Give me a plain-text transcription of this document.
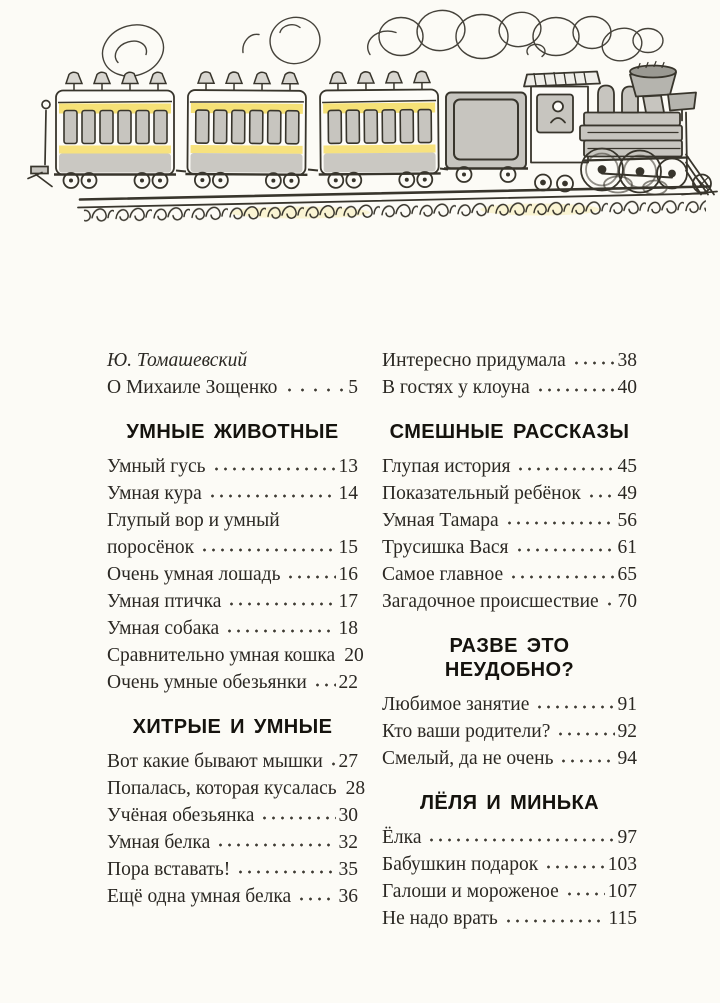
Ю. Томашевский
О Михаиле Зощенко	5
УМНЫЕ ЖИВОТНЫЕ
Умный гусь	13
Умная кура	14
Глупый вор и умный
поросёнок	15
Очень умная лошадь	16
Умная птичка	17
Умная собака	18
Сравнительно умная кошка 20
Очень умные обезьянки 22
ХИТРЫЕ И УМНЫЕ
Вот какие бывают мышки 27
Попалась, которая кусалась 28
Учёная обезьянка	30
Умная белка	32
Пора вставать!	35
Ещё одна умная белка 36
Интересно придумала	38
В гостях у клоуна	40
СМЕШНЫЕ РАССКАЗЫ
Глупая история	45
Показательный ребёнок 49
Умная Тамара	56
Трусишка Вася	61
Самое главное	65
Загадочное происшествие 70
РАЗВЕ ЭТО НЕУДОБНО?
Любимое занятие	91
Кто ваши родители?	92
Смелый, да не очень	94
ЛЁЛЯ И МИНЬКА
Ёлка	97
Бабушкин подарок	103
Галоши и мороженое	107
Не надо врать	115
